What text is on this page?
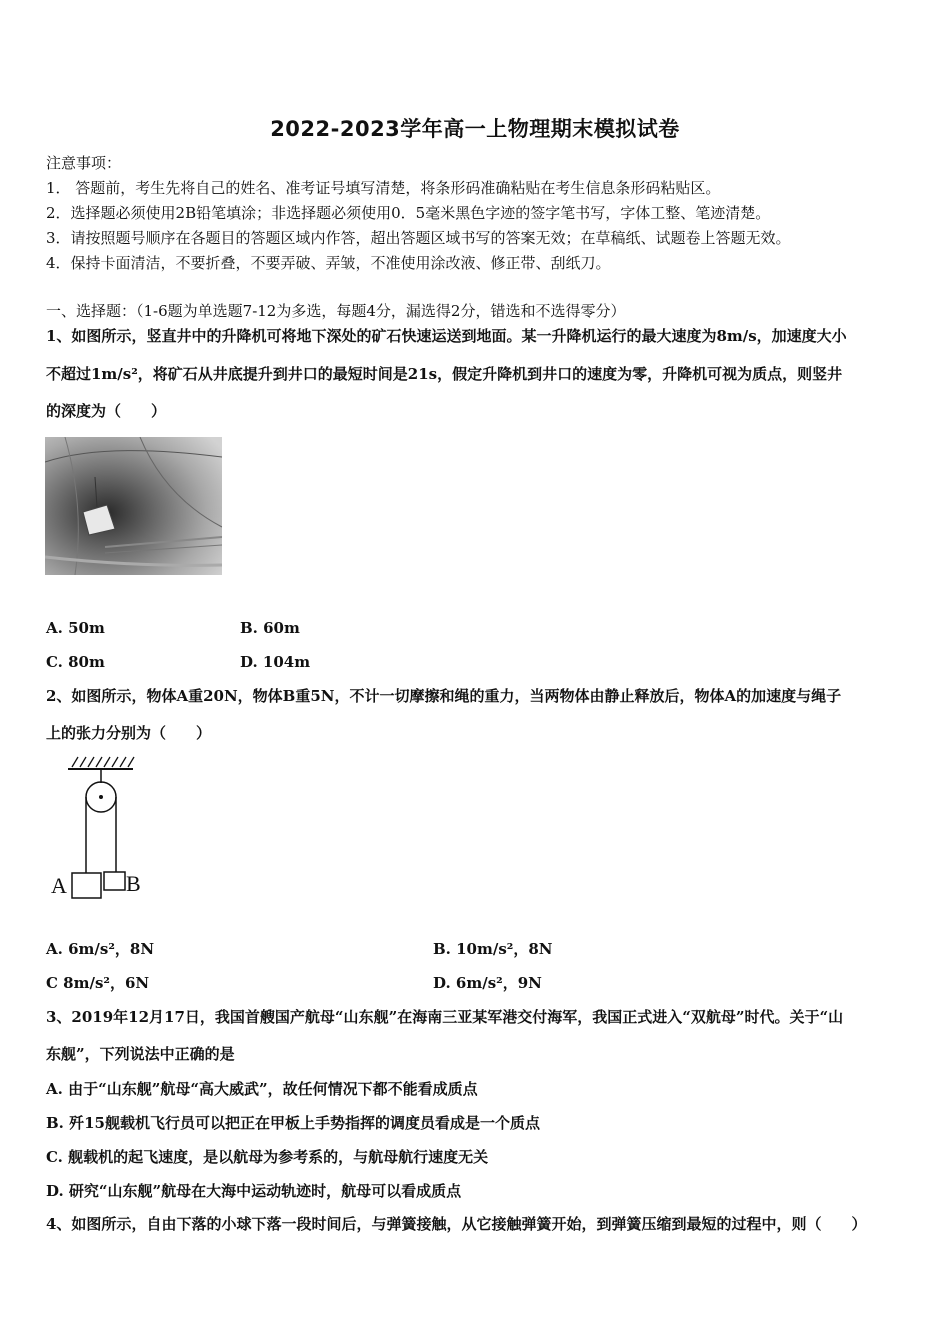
2022-2023学年高一上物理期末模拟试卷
注意事项：
1． 答题前，考生先将自己的姓名、准考证号填写清楚，将条形码准确粘贴在考生信息条形码粘贴区。
2．选择题必须使用2B铅笔填涂；非选择题必须使用0．5毫米黑色字迹的签字笔书写，字体工整、笔迹清楚。
3．请按照题号顺序在各题目的答题区域内作答，超出答题区域书写的答案无效；在草稿纸、试题卷上答题无效。
4．保持卡面清洁，不要折叠，不要弄破、弄皱，不准使用涂改液、修正带、刮纸刀。
一、选择题：（1-6题为单选题7-12为多选，每题4分，漏选得2分，错选和不选得零分）
1、如图所示，竖直井中的升降机可将地下深处的矿石快速运送到地面。某一升降机运行的最大速度为8m/s，加速度大小
不超过1m/s²，将矿石从井底提升到井口的最短时间是21s，假定升降机到井口的速度为零，升降机可视为质点，则竖井
的深度为（　　）
A. 50m	B. 60m
C. 80m	D. 104m
2、如图所示，物体A重20N，物体B重5N，不计一切摩擦和绳的重力，当两物体由静止释放后，物体A的加速度与绳子
上的张力分别为（　　）
A	B
A. 6m/s²，8N	B. 10m/s²，8N
C 8m/s²，6N	D. 6m/s²，9N
3、2019年12月17日，我国首艘国产航母“山东舰”在海南三亚某军港交付海军，我国正式进入“双航母”时代。关于“山
东舰”，下列说法中正确的是
A. 由于“山东舰”航母“高大威武”，故任何情况下都不能看成质点
B. 歼15舰载机飞行员可以把正在甲板上手势指挥的调度员看成是一个质点
C. 舰载机的起飞速度，是以航母为参考系的，与航母航行速度无关
D. 研究“山东舰”航母在大海中运动轨迹时，航母可以看成质点
4、如图所示，自由下落的小球下落一段时间后，与弹簧接触，从它接触弹簧开始，到弹簧压缩到最短的过程中，则（　　）
